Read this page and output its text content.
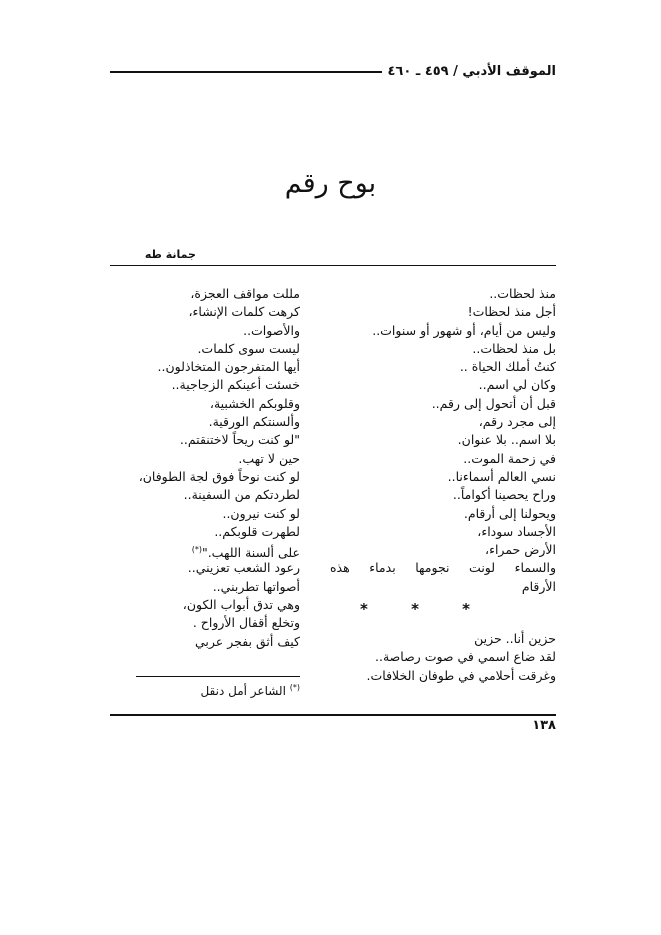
الموقف الأدبي / ٤٥٩ ـ ٤٦٠
بوح رقم
جمانة طه
منذ لحظات..
أجل منذ لحظات!
وليس من أيام، أو شهور أو سنوات..
بل منذ لحظات..
كنتُ أملك الحياة ..
وكان لي اسم..
قبل أن أتحول إلى رقم..
إلى مجرد رقم،
بلا اسم.. بلا عنوان.
في زحمة الموت..
نسي العالم أسماءنا..
وراح يحصينا أكواماً..
ويحولنا إلى أرقام.
الأجساد سوداء،
الأرض حمراء،
والسماء لونت نجومها بدماء هذه
الأرقام
*
*
*
حزين أنا.. حزين
لقد ضاع اسمي في صوت رصاصة..
وغرقت أحلامي في طوفان الخلافات.
مللت مواقف العجزة،
كرهت كلمات الإنشاء،
والأصوات..
ليست سوى كلمات.
أيها المتفرجون المتخاذلون..
خسئت أعينكم الزجاجية..
وقلوبكم الخشبية،
وألسنتكم الورقية.
"لو كنت ريحاً لاختنقتم..
حين لا تهب.
لو كنت نوحاً فوق لجة الطوفان،
لطردتكم من السفينة..
لو كنت نيرون..
لطهرت قلوبكم..
على ألسنة اللهب."(*)
رعود الشعب تعزيني..
أصواتها تطربني..
وهي تدق أبواب الكون،
وتخلع أقفال الأرواح .
كيف أثق بفجر عربي
(*) الشاعر أمل دنقل
١٣٨
